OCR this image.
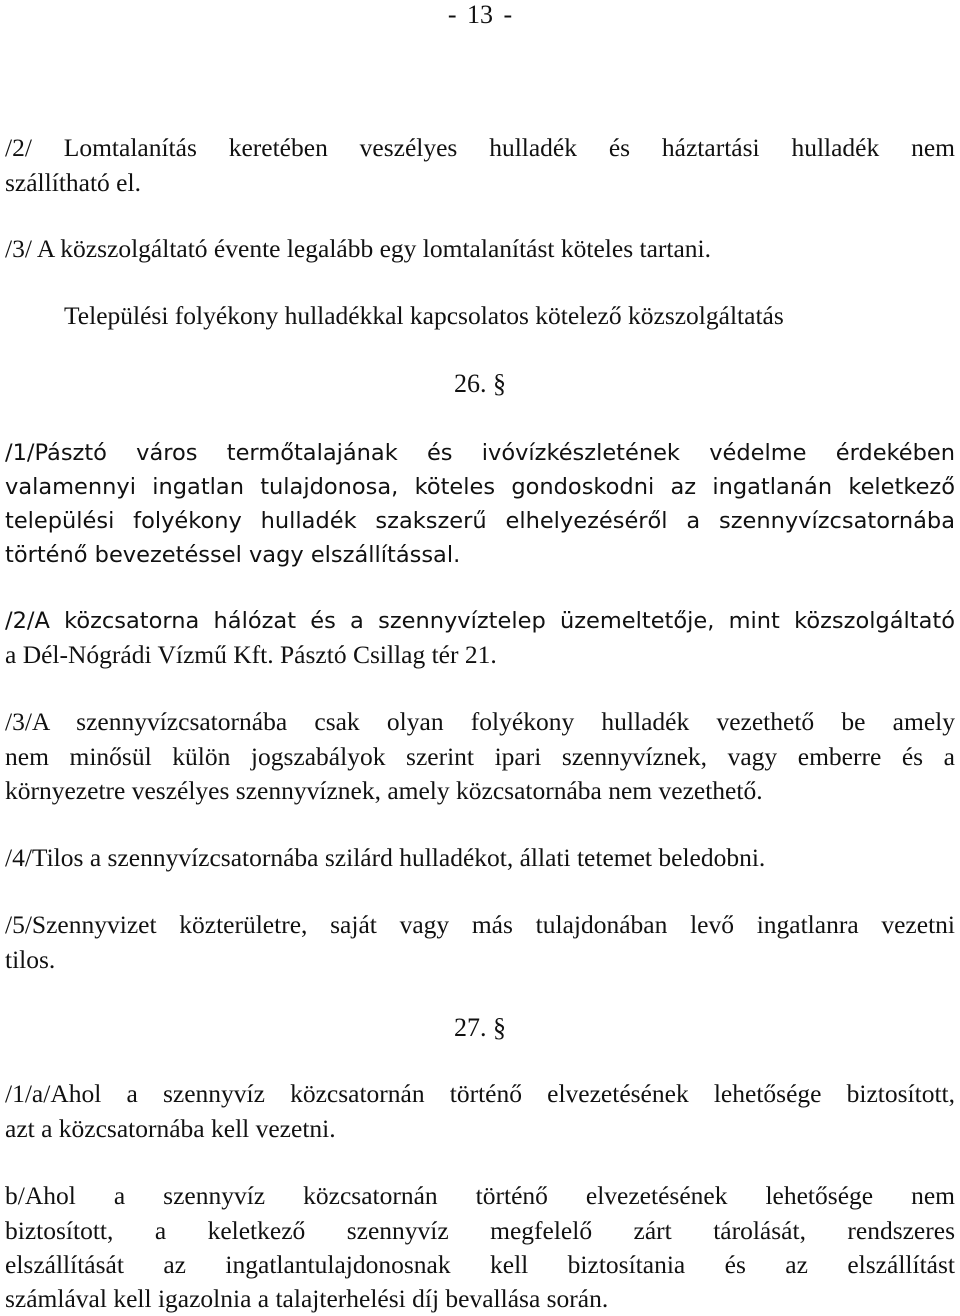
- 13 -
/2/ Lomtalanítás keretében veszélyes hulladék és háztartási hulladék nem
szállítható el.
/3/ A közszolgáltató évente legalább egy lomtalanítást köteles tartani.
Települési folyékony hulladékkal kapcsolatos kötelező közszolgáltatás
26. §
/1/Pásztó város termőtalajának és ivóvízkészletének védelme érdekében
valamennyi ingatlan tulajdonosa, köteles gondoskodni az ingatlanán keletkező
települési folyékony hulladék szakszerű elhelyezéséről a szennyvízcsatornába
történő bevezetéssel vagy elszállítással.
/2/A közcsatorna hálózat és a szennyvíztelep üzemeltetője, mint közszolgáltató
a Dél-Nógrádi Vízmű Kft. Pásztó Csillag tér 21.
/3/A szennyvízcsatornába csak olyan folyékony hulladék vezethető be amely
nem minősül külön jogszabályok szerint ipari szennyvíznek, vagy emberre és a
környezetre veszélyes szennyvíznek, amely közcsatornába nem vezethető.
/4/Tilos a szennyvízcsatornába szilárd hulladékot, állati tetemet beledobni.
/5/Szennyvizet közterületre, saját vagy más tulajdonában levő ingatlanra vezetni
tilos.
27. §
/1/a/Ahol a szennyvíz közcsatornán történő elvezetésének lehetősége biztosított,
azt a közcsatornába kell vezetni.
b/Ahol a szennyvíz közcsatornán történő elvezetésének lehetősége nem
biztosított, a keletkező szennyvíz megfelelő zárt tárolását, rendszeres
elszállítását az ingatlantulajdonosnak kell biztosítania és az elszállítást
számlával kell igazolnia a talajterhelési díj bevallása során.
